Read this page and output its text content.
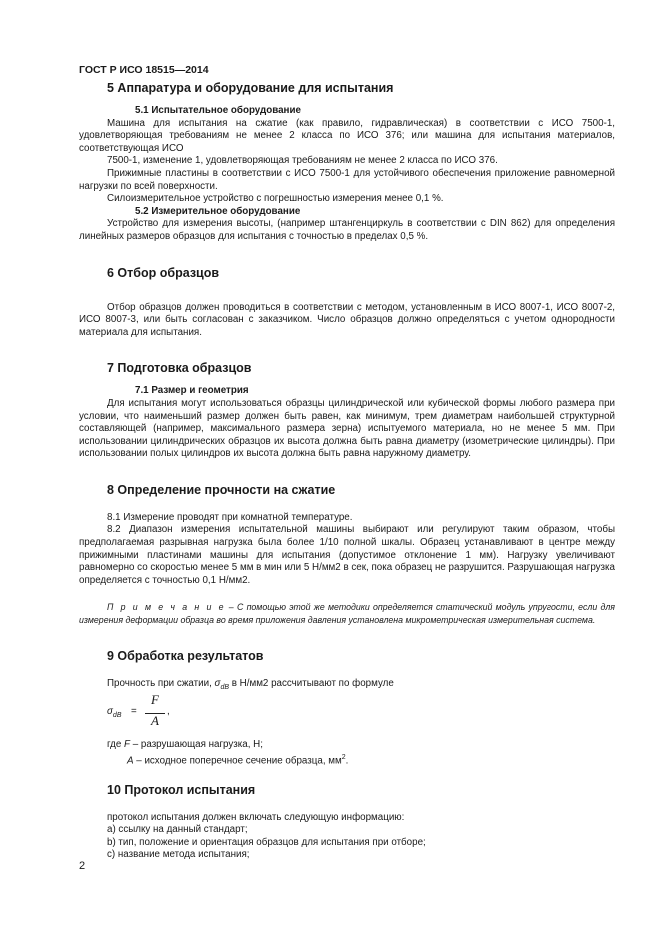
ГОСТ Р ИСО 18515—2014
5 Аппаратура и оборудование для испытания

5.1 Испытательное оборудование

Машина для испытания на сжатие (как правило, гидравлическая) в соответствии с ИСО 7500-1, удовлетворяющая требованиям не менее 2 класса по ИСО 376; или машина для испытания материалов, соответствующая ИСО

7500-1, изменение 1, удовлетворяющая требованиям не менее 2 класса по ИСО 376.

Прижимные пластины в соответствии с ИСО 7500-1 для устойчивого обеспечения приложение равномерной нагрузки по всей поверхности.

Силоизмерительное устройство с погрешностью измерения менее 0,1 %.

5.2 Измерительное оборудование

Устройство для измерения высоты, (например штангенциркуль в соответствии с DIN 862) для определения линейных размеров образцов для испытания с точностью в пределах 0,5 %.

6 Отбор образцов

Отбор образцов должен проводиться в соответствии с методом, установленным в ИСО 8007-1, ИСО 8007-2, ИСО 8007-3, или быть согласован с заказчиком. Число образцов должно определяться с учетом однородности материала для испытания.

7 Подготовка образцов

7.1 Размер и геометрия

Для испытания могут использоваться образцы цилиндрической или кубической формы любого размера при условии, что наименьший размер должен быть равен, как минимум, трем диаметрам наибольшей структурной составляющей (например, максимального размера зерна) испытуемого материала, но не менее 5 мм. При использовании цилиндрических образцов их высота должна быть равна диаметру (изометрические цилиндры). При использовании полых цилиндров их высота должна быть равна наружному диаметру.

8 Определение прочности на сжатие

8.1 Измерение проводят при комнатной температуре.

8.2 Диапазон измерения испытательной машины выбирают или регулируют таким образом, чтобы предполагаемая разрывная нагрузка была более 1/10 полной шкалы. Образец устанавливают в центре между прижимными пластинами машины для испытания (допустимое отклонение 1 мм). Нагрузку увеличивают равномерно со скоростью менее 5 мм в мин или 5 Н/мм2 в сек, пока образец не разрушится. Разрушающая нагрузка определяется с точностью 0,1 Н/мм2.

П р и м е ч а н и е – С помощью этой же методики определяется статический модуль упругости, если для измерения деформации образца во время приложения давления установлена микрометрическая измерительная система.

9 Обработка результатов

Прочность при сжатии, $\sigma_{dB}$ в Н/мм2 рассчитывают по формуле

$\sigma_{dB}$ =
F
A
,

где F – разрушающая нагрузка, Н;

A – исходное поперечное сечение образца, $мм^2$.

10 Протокол испытания

протокол испытания должен включать следующую информацию:

а) ссылку на данный стандарт;

b) тип, положение и ориентация образцов для испытания при отборе;

c) название метода испытания;

2
